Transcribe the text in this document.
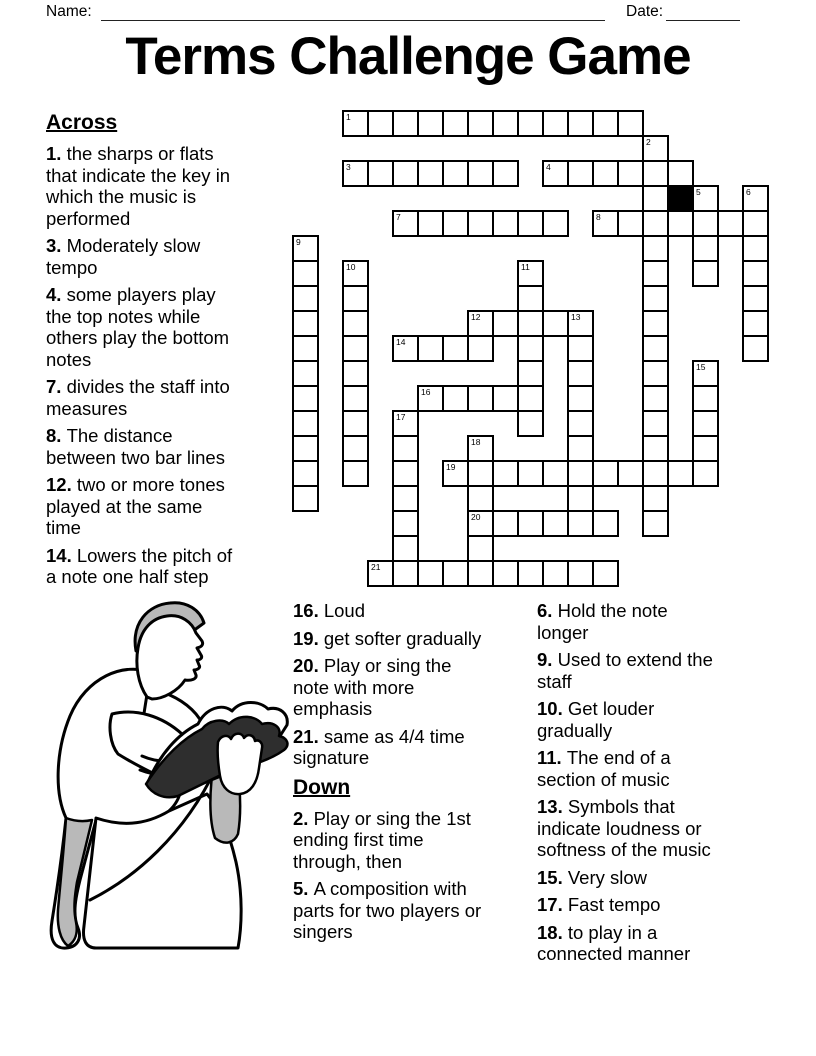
Name:	Date:
Terms Challenge Game
1
2
3	4
5	6
7	8
9
10	11
12	13
14
15
16
17
18
20
19
21
Across

1. the sharps or flats that indicate the key in which the music is performed

3. Moderately slow tempo

4. some players play the top notes while others play the bottom notes

7. divides the staff into measures

8. The distance between two bar lines

12. two or more tones played at the same time

14. Lowers the pitch of a note one half step

16. Loud

19. get softer gradually

20. Play or sing the note with more emphasis

21. same as 4/4 time signature

Down

2. Play or sing the 1st ending first time through, then

5. A composition with parts for two players or singers

6. Hold the note longer

9. Used to extend the staff

10. Get louder gradually

11. The end of a section of music

13. Symbols that indicate loudness or softness of the music

15. Very slow

17. Fast tempo

18. to play in a connected manner
